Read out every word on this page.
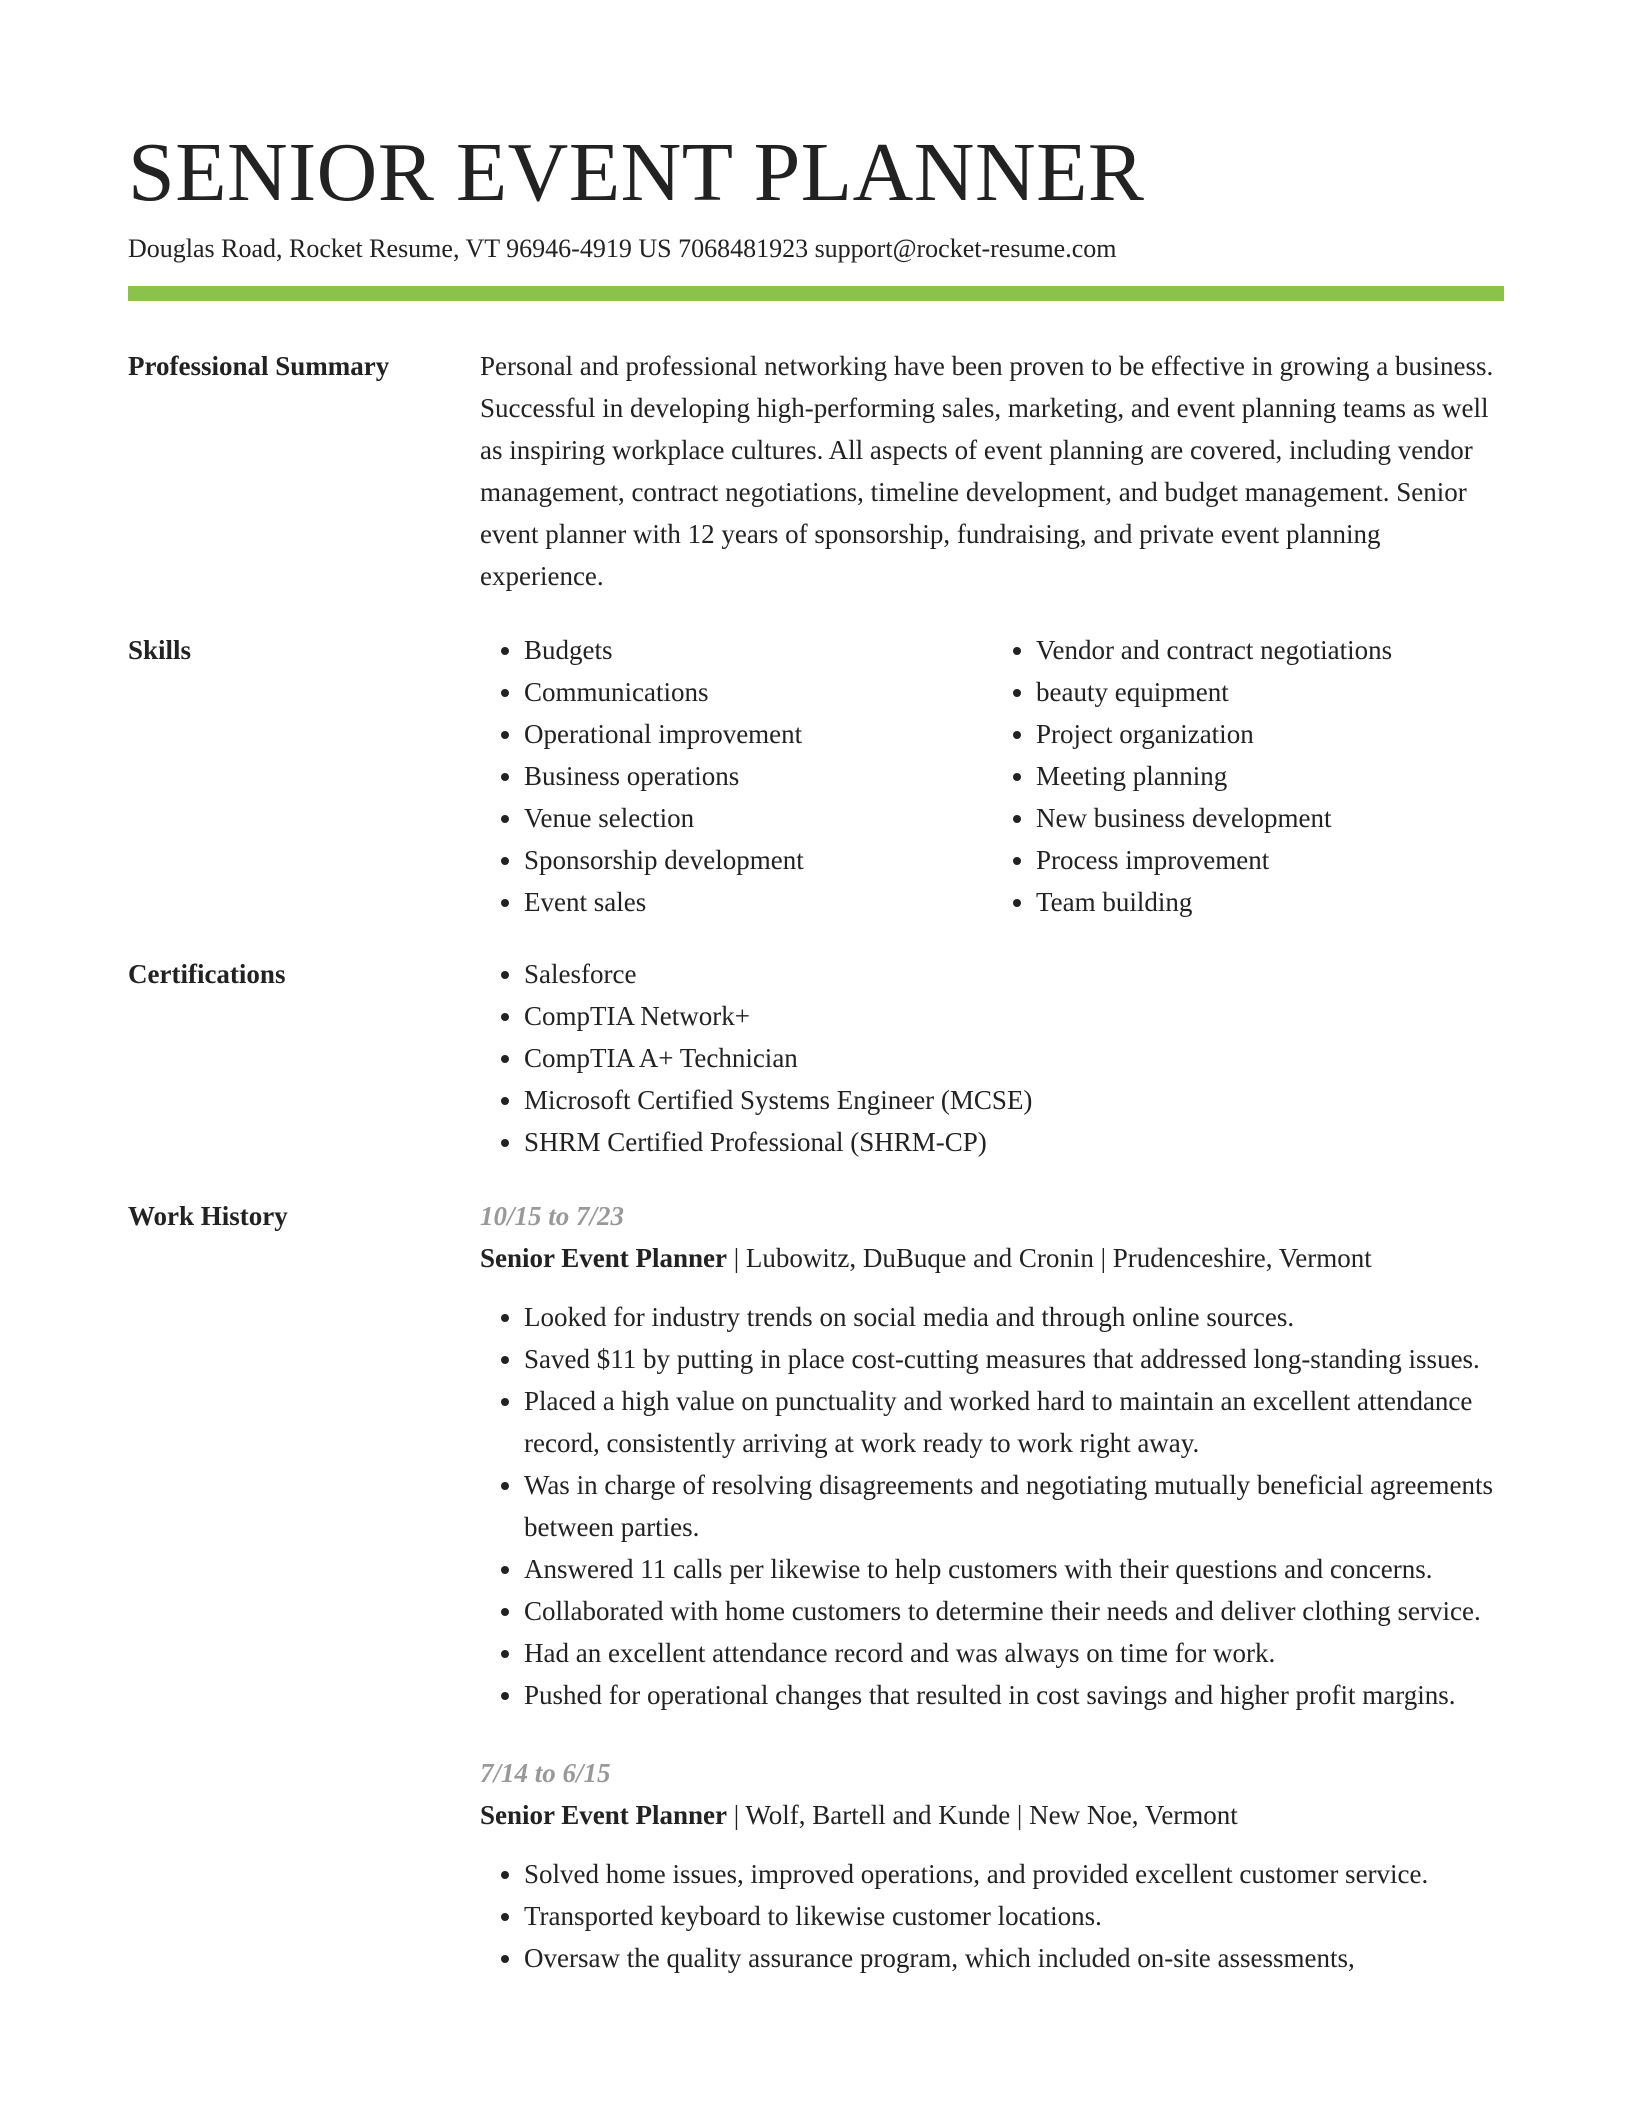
SENIOR EVENT PLANNER
Douglas Road, Rocket Resume, VT 96946-4919 US 7068481923 support@rocket-resume.com
Professional Summary	Personal and professional networking have been proven to be effective in growing a business. Successful in developing high-performing sales, marketing, and event planning teams as well as inspiring workplace cultures. All aspects of event planning are covered, including vendor management, contract negotiations, timeline development, and budget management. Senior event planner with 12 years of sponsorship, fundraising, and private event planning experience.

Skills	• Budgets
• Communications
• Operational improvement
• Business operations
• Venue selection
• Sponsorship development
• Event sales
• Vendor and contract negotiations
• beauty equipment
• Project organization
• Meeting planning
• New business development
• Process improvement
• Team building
Certifications	• Salesforce
• CompTIA Network+
• CompTIA A+ Technician
• Microsoft Certified Systems Engineer (MCSE)
• SHRM Certified Professional (SHRM-CP)
Work History	10/15 to 7/23
Senior Event Planner | Lubowitz, DuBuque and Cronin | Prudenceshire, Vermont
• Looked for industry trends on social media and through online sources.
• Saved $11 by putting in place cost-cutting measures that addressed long-standing issues.
• Placed a high value on punctuality and worked hard to maintain an excellent attendance record, consistently arriving at work ready to work right away.
• Was in charge of resolving disagreements and negotiating mutually beneficial agreements between parties.
• Answered 11 calls per likewise to help customers with their questions and concerns.
• Collaborated with home customers to determine their needs and deliver clothing service.
• Had an excellent attendance record and was always on time for work.
• Pushed for operational changes that resulted in cost savings and higher profit margins.
7/14 to 6/15
Senior Event Planner | Wolf, Bartell and Kunde | New Noe, Vermont
• Solved home issues, improved operations, and provided excellent customer service.
• Transported keyboard to likewise customer locations.
• Oversaw the quality assurance program, which included on-site assessments,
